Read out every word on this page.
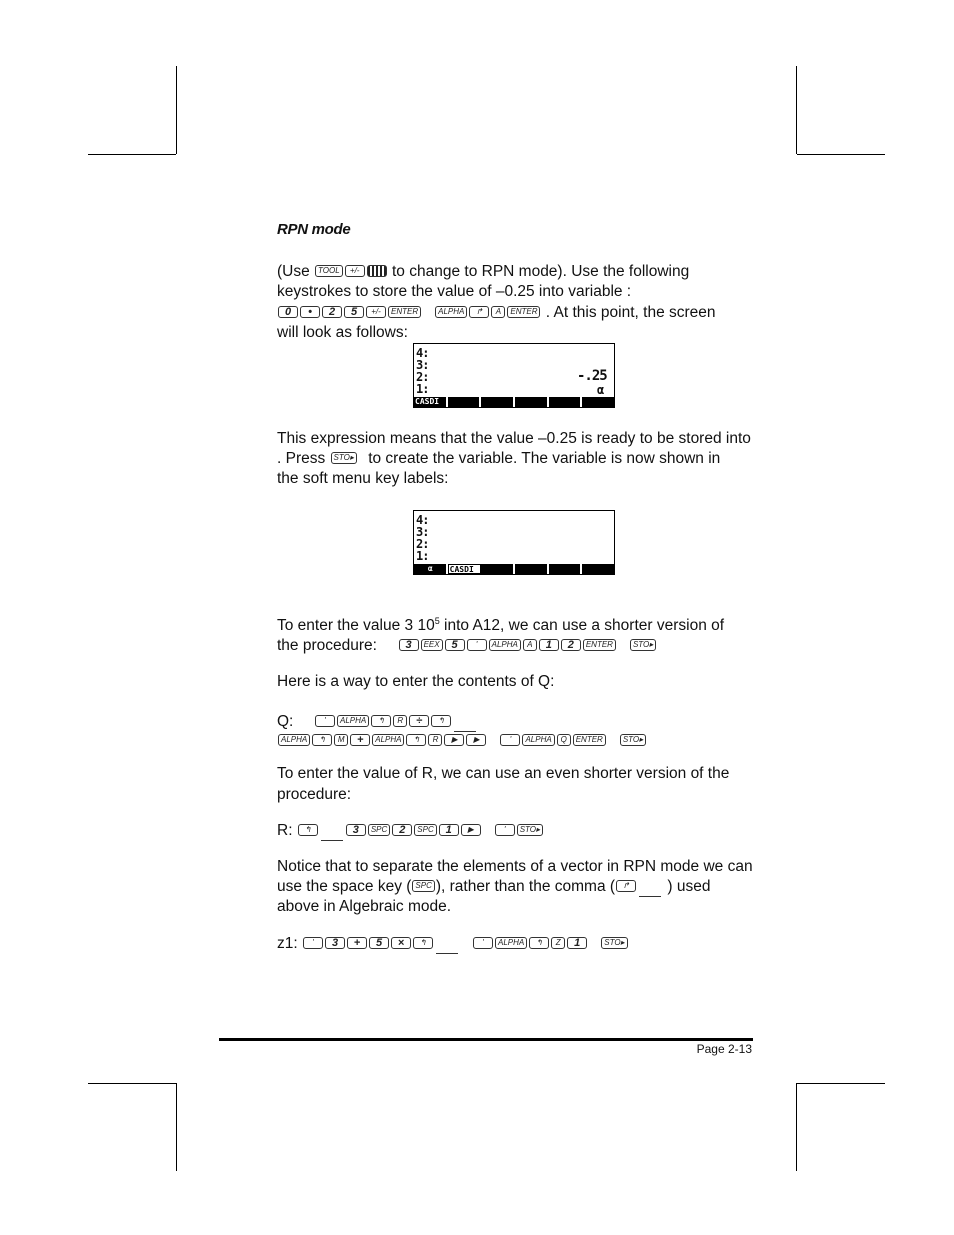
RPN mode
(Use TOOL +/- to change to RPN mode). Use the following
keystrokes to store the value of –0.25 into variable :
0 • 2 5 +/- ENTER	ALPHA ↱ A ENTER . At this point, the screen
will look as follows:
4:
3:
2:
1:
-.25
α
CASDI
This expression means that the value –0.25 is ready to be stored into
. Press STO▸ to create the variable. The variable is now shown in
the soft menu key labels:
4:
3:
2:
1:
α	CASDI
To enter the value 3 $10^5$ into A12, we can use a shorter version of
the procedure:	3 EEX 5 ' ALPHA A 1 2 ENTER	STO▸
Here is a way to enter the contents of Q:
Q:	' ALPHA ↰ R ÷ ↰
ALPHA ↰ M + ALPHA ↰ R ▶ ▶	' ALPHA Q ENTER	STO▸
To enter the value of R, we can use an even shorter version of the
procedure:
R: ↰	3 SPC 2 SPC 1 ▶	' STO▸
Notice that to separate the elements of a vector in RPN mode we can
use the space key ( SPC ), rather than the comma ( ↱ ) used
above in Algebraic mode.
z1: ' 3 + 5 × ↰	' ALPHA ↰ Z 1	STO▸
Page 2-13
